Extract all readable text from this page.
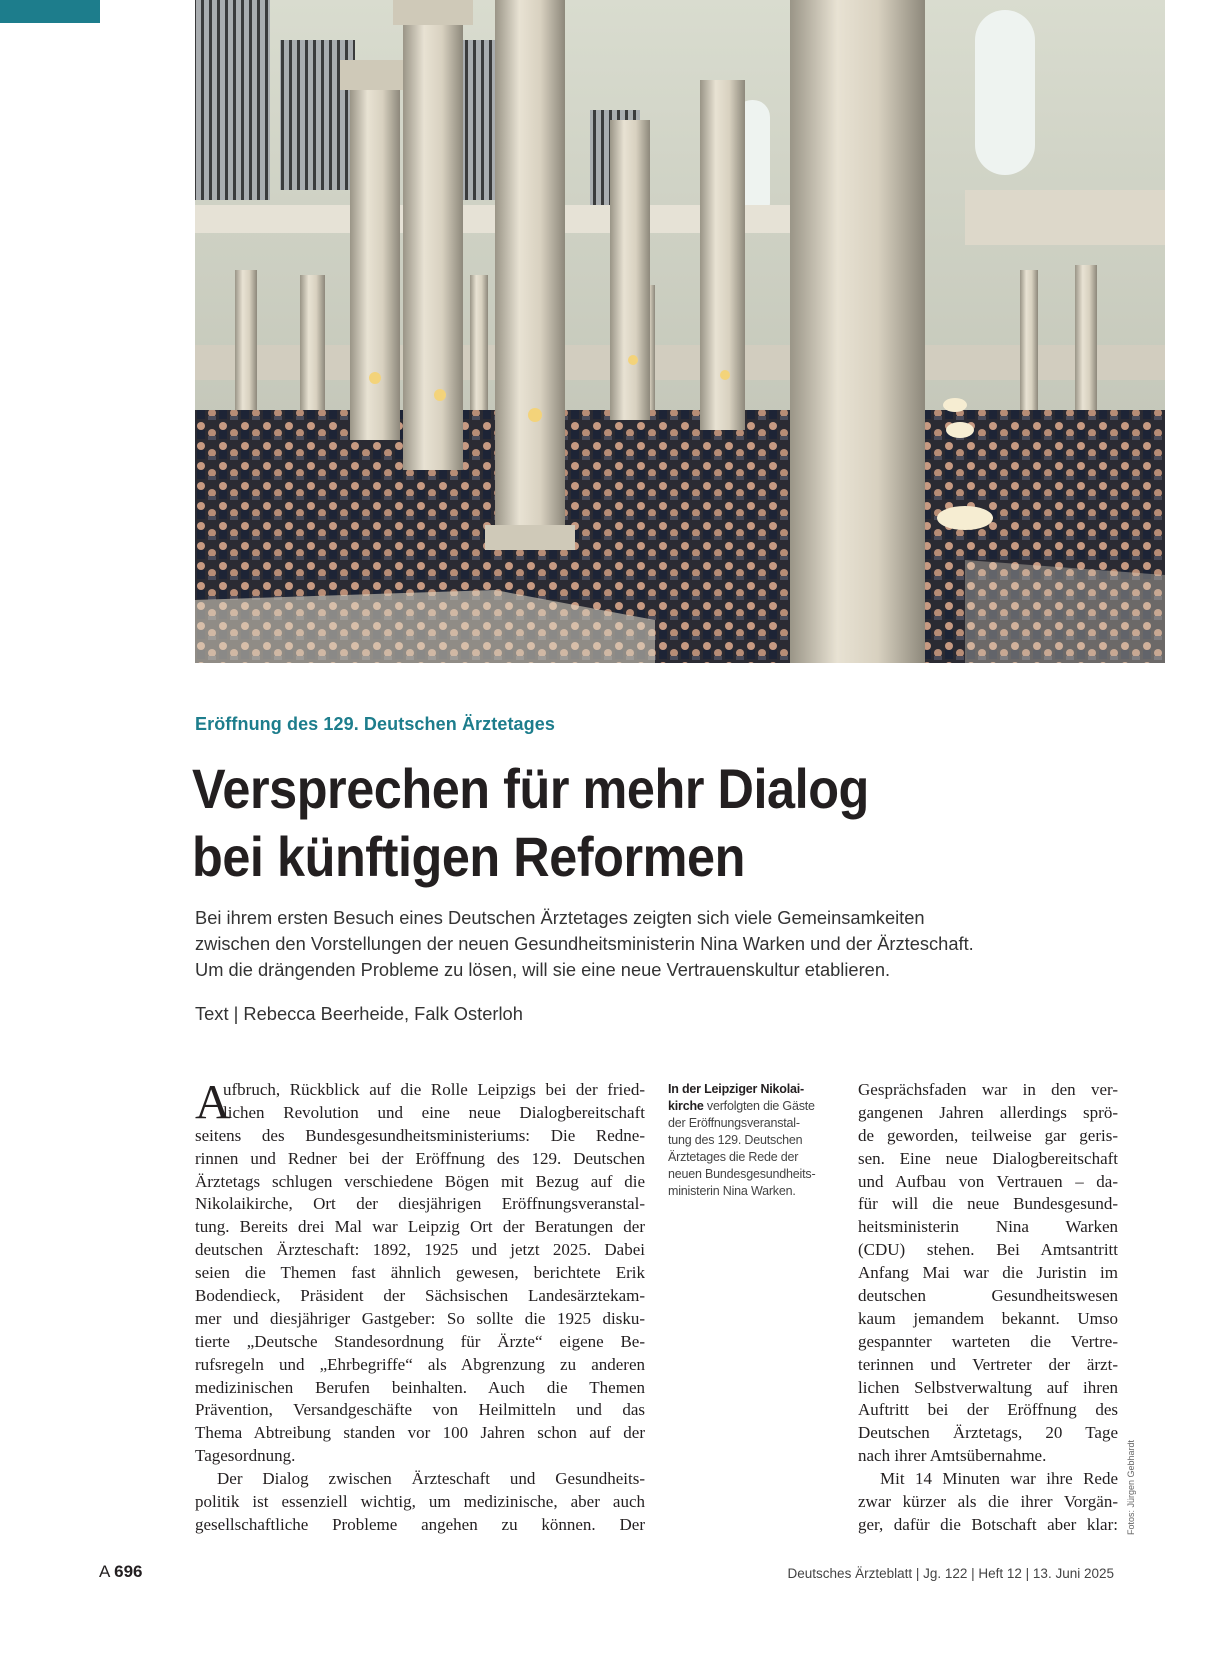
Eröffnung des 129. Deutschen Ärztetages
Versprechen für mehr Dialog
bei künftigen Reformen
Bei ihrem ersten Besuch eines Deutschen Ärztetages zeigten sich viele Gemeinsamkeiten
zwischen den Vorstellungen der neuen Gesundheitsministerin Nina Warken und der Ärzteschaft.
Um die drängenden Probleme zu lösen, will sie eine neue Vertrauenskultur etablieren.
Text | Rebecca Beerheide, Falk Osterloh
A
ufbruch, Rückblick auf die Rolle Leipzigs bei der fried-
lichen Revolution und eine neue Dialogbereitschaft
seitens des Bundesgesundheitsministeriums: Die Redne-
rinnen und Redner bei der Eröffnung des 129. Deutschen
Ärztetags schlugen verschiedene Bögen mit Bezug auf die
Nikolaikirche, Ort der diesjährigen Eröffnungsveranstal-
tung. Bereits drei Mal war Leipzig Ort der Beratungen der
deutschen Ärzteschaft: 1892, 1925 und jetzt 2025. Dabei
seien die Themen fast ähnlich gewesen, berichtete Erik
Bodendieck, Präsident der Sächsischen Landesärztekam-
mer und diesjähriger Gastgeber: So sollte die 1925 disku-
tierte „Deutsche Standesordnung für Ärzte“ eigene Be-
rufsregeln und „Ehrbegriffe“ als Abgrenzung zu anderen
medizinischen Berufen beinhalten. Auch die Themen
Prävention, Versandgeschäfte von Heilmitteln und das
Thema Abtreibung standen vor 100 Jahren schon auf der
Tagesordnung.
Der Dialog zwischen Ärzteschaft und Gesundheits-
politik ist essenziell wichtig, um medizinische, aber auch
gesellschaftliche Probleme angehen zu können. Der
In der Leipziger Nikolai-
kirche verfolgten die Gäste
der Eröffnungsveranstal-
tung des 129. Deutschen
Ärztetages die Rede der
neuen Bundesgesundheits-
ministerin Nina Warken.
Gesprächsfaden war in den ver-
gangenen Jahren allerdings sprö-
de geworden, teilweise gar geris-
sen. Eine neue Dialogbereitschaft
und Aufbau von Vertrauen – da-
für will die neue Bundesgesund-
heitsministerin Nina Warken
(CDU) stehen. Bei Amtsantritt
Anfang Mai war die Juristin im
deutschen Gesundheitswesen
kaum jemandem bekannt. Umso
gespannter warteten die Vertre-
terinnen und Vertreter der ärzt-
lichen Selbstverwaltung auf ihren
Auftritt bei der Eröffnung des
Deutschen Ärztetags, 20 Tage
nach ihrer Amtsübernahme.
Mit 14 Minuten war ihre Rede
zwar kürzer als die ihrer Vorgän-
ger, dafür die Botschaft aber klar: Fotos: Jürgen Gebhardt
A 696	Deutsches Ärzteblatt | Jg. 122 | Heft 12 | 13. Juni 2025
